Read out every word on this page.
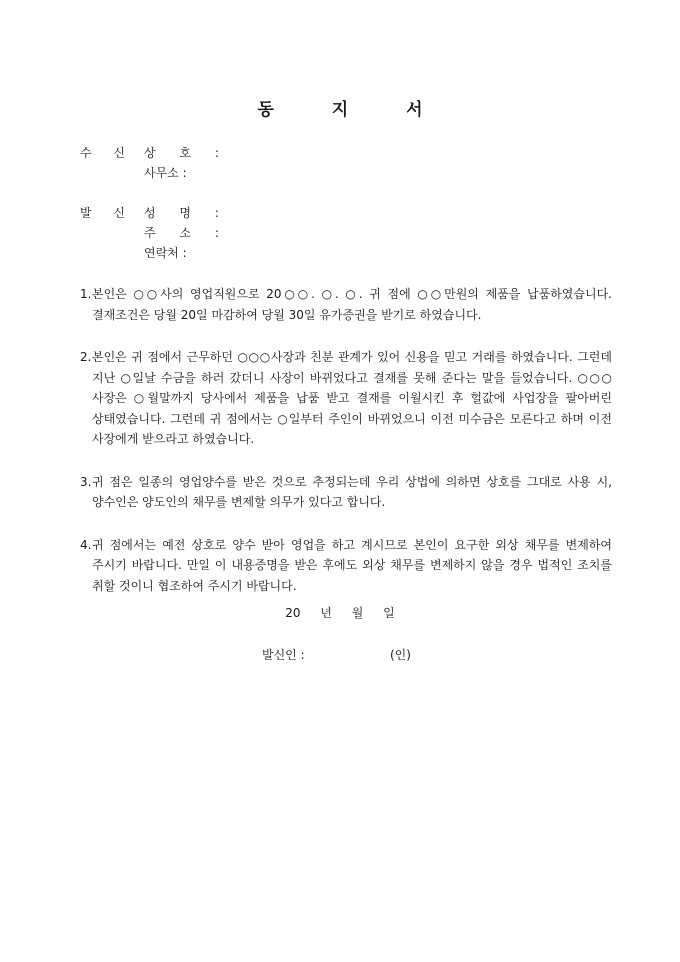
동 지 서
수 신 상 호 :
사무소 :
발 신 성 명 :
주 소 :
연락처 :

1. 본인은 ○○사의 영업직원으로 20○○. ○. ○. 귀 점에 ○○만원의 제품을 납품하였습니다. 결재조건은 당월 20일 마감하여 당월 30일 유가증권을 받기로 하였습니다.

2. 본인은 귀 점에서 근무하던 ○○○사장과 친분 관계가 있어 신용을 믿고 거래를 하였습니다. 그런데 지난 ○일날 수금을 하러 갔더니 사장이 바뀌었다고 결재를 못해 준다는 말을 들었습니다. ○○○사장은 ○월말까지 당사에서 제품을 납품 받고 결재를 이월시킨 후 헐값에 사업장을 팔아버린 상태였습니다. 그런데 귀 점에서는 ○일부터 주인이 바뀌었으니 이전 미수금은 모른다고 하며 이전 사장에게 받으라고 하였습니다.

3. 귀 점은 일종의 영업양수를 받은 것으로 추정되는데 우리 상법에 의하면 상호를 그대로 사용 시, 양수인은 양도인의 채무를 변제할 의무가 있다고 합니다.

4. 귀 점에서는 예전 상호로 양수 받아 영업을 하고 계시므로 본인이 요구한 외상 채무를 변제하여 주시기 바랍니다. 만일 이 내용증명을 받은 후에도 외상 채무를 변제하지 않을 경우 법적인 조치를 취할 것이니 협조하여 주시기 바랍니다.

20 년 월 일
발신인 :	(인)
